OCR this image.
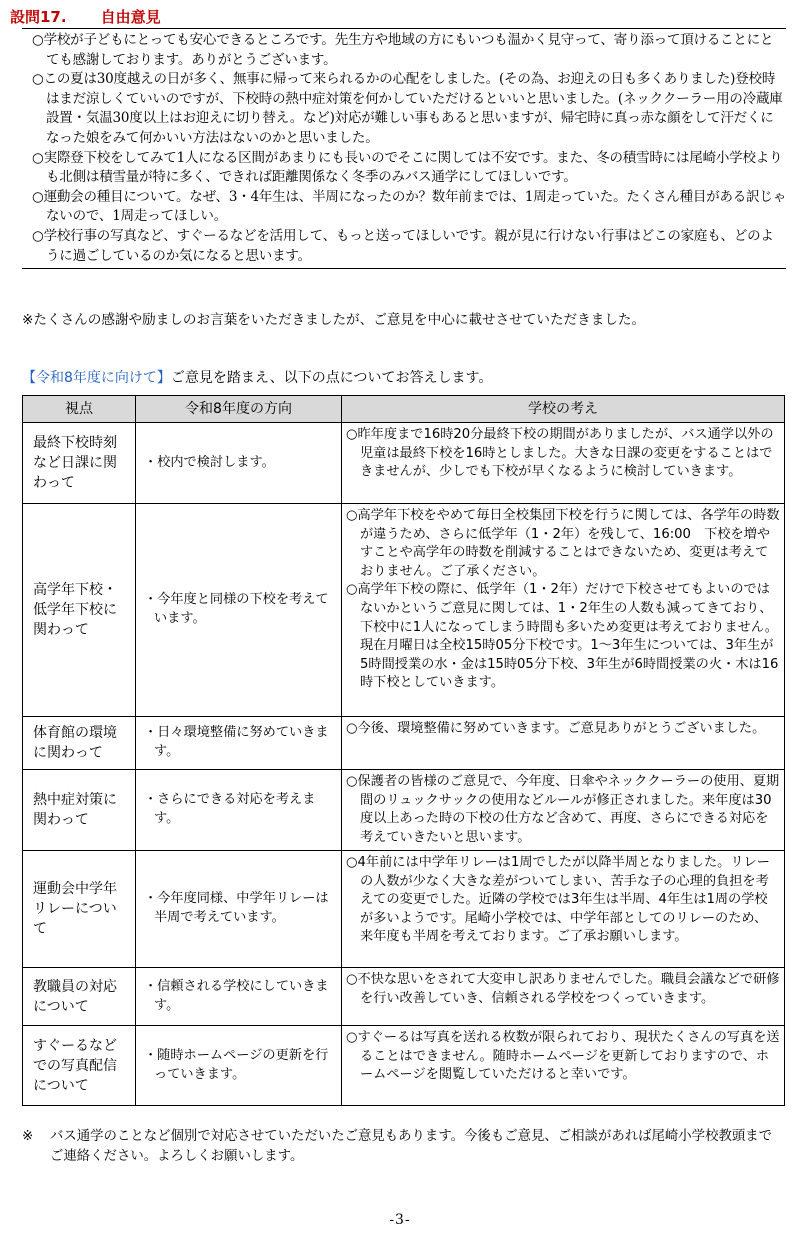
設問17. 自由意見

○学校が子どもにとっても安心できるところです。先生方や地域の方にもいつも温かく見守って、寄り添って頂けることにとても感謝しております。ありがとうございます。

○この夏は30度越えの日が多く、無事に帰って来られるかの心配をしました。(その為、お迎えの日も多くありました)登校時はまだ涼しくていいのですが、下校時の熱中症対策を何かしていただけるといいと思いました。(ネッククーラー用の冷蔵庫設置・気温30度以上はお迎えに切り替え。など)対応が難しい事もあると思いますが、帰宅時に真っ赤な顔をして汗だくになった娘をみて何かいい方法はないのかと思いました。

○実際登下校をしてみて1人になる区間があまりにも長いのでそこに関しては不安です。また、冬の積雪時には尾崎小学校よりも北側は積雪量が特に多く、できれば距離関係なく冬季のみバス通学にしてほしいです。

○運動会の種目について。なぜ、3・4年生は、半周になったのか？数年前までは、1周走っていた。たくさん種目がある訳じゃないので、1周走ってほしい。

○学校行事の写真など、すぐーるなどを活用して、もっと送ってほしいです。親が見に行けない行事はどこの家庭も、どのように過ごしているのか気になると思います。

※たくさんの感謝や励ましのお言葉をいただきましたが、ご意見を中心に載せさせていただきました。
【令和8年度に向けて】ご意見を踏まえ、以下の点についてお答えします。
視点	令和8年度の方向	学校の考え
最終下校時刻など日課に関わって	・校内で検討します。	○昨年度まで16時20分最終下校の期間がありましたが、バス通学以外の児童は最終下校を16時としました。大きな日課の変更をすることはできませんが、少しでも下校が早くなるように検討していきます。

高学年下校・低学年下校に関わって	・今年度と同様の下校を考えています。	○高学年下校をやめて毎日全校集団下校を行うに関しては、各学年の時数が違うため、さらに低学年（1・2年）を残して、16:00　下校を増やすことや高学年の時数を削減することはできないため、変更は考えておりません。ご了承ください。

○高学年下校の際に、低学年（1・2年）だけで下校させてもよいのではないかというご意見に関しては、1・2年生の人数も減ってきており、下校中に1人になってしまう時間も多いため変更は考えておりません。現在月曜日は全校15時05分下校です。1～3年生については、3年生が5時間授業の水・金は15時05分下校、3年生が6時間授業の火・木は16時下校としていきます。

体育館の環境に関わって	・日々環境整備に努めていきます。	○今後、環境整備に努めていきます。ご意見ありがとうございました。

熱中症対策に関わって	・さらにできる対応を考えます。	○保護者の皆様のご意見で、今年度、日傘やネッククーラーの使用、夏期間のリュックサックの使用などルールが修正されました。来年度は30度以上あった時の下校の仕方など含めて、再度、さらにできる対応を考えていきたいと思います。

運動会中学年リレーについて	・今年度同様、中学年リレーは半周で考えています。	○4年前には中学年リレーは1周でしたが以降半周となりました。リレーの人数が少なく大きな差がついてしまい、苦手な子の心理的負担を考えての変更でした。近隣の学校では3年生は半周、4年生は1周の学校が多いようです。尾崎小学校では、中学年部としてのリレーのため、来年度も半周を考えております。ご了承お願いします。

教職員の対応について	・信頼される学校にしていきます。	○不快な思いをされて大変申し訳ありませんでした。職員会議などで研修を行い改善していき、信頼される学校をつくっていきます。

すぐーるなどでの写真配信について	・随時ホームページの更新を行っていきます。	○すぐーるは写真を送れる枚数が限られており、現状たくさんの写真を送ることはできません。随時ホームページを更新しておりますので、ホームページを閲覧していただけると幸いです。

※	バス通学のことなど個別で対応させていただいたご意見もあります。今後もご意見、ご相談があれば尾崎小学校教頭までご連絡ください。よろしくお願いします。
-3-
